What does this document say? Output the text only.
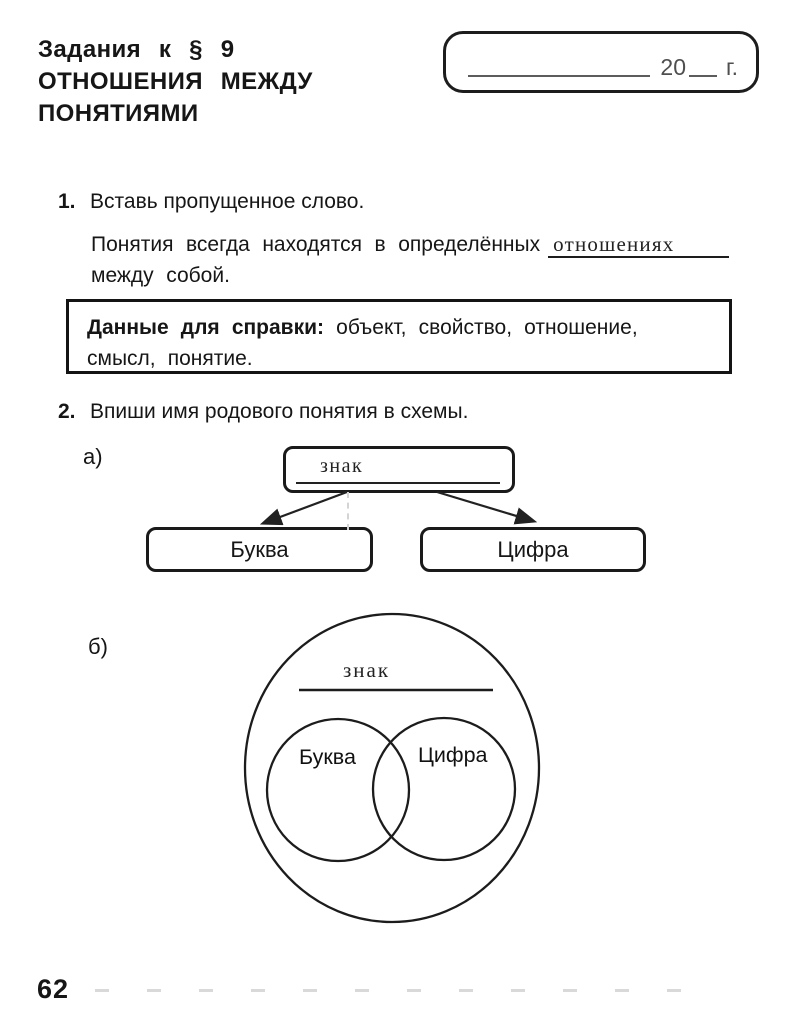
Задания к § 9
ОТНОШЕНИЯ МЕЖДУ
ПОНЯТИЯМИ
20 г.
1. Вставь пропущенное слово.
Понятия всегда находятся в определённых отношениях
между собой.
Данные для справки: объект, свойство, отношение, смысл, понятие.
2. Впиши имя родового понятия в схемы.
а)	знак
Буква	Цифра
б)
знак
Буква	Цифра
62
